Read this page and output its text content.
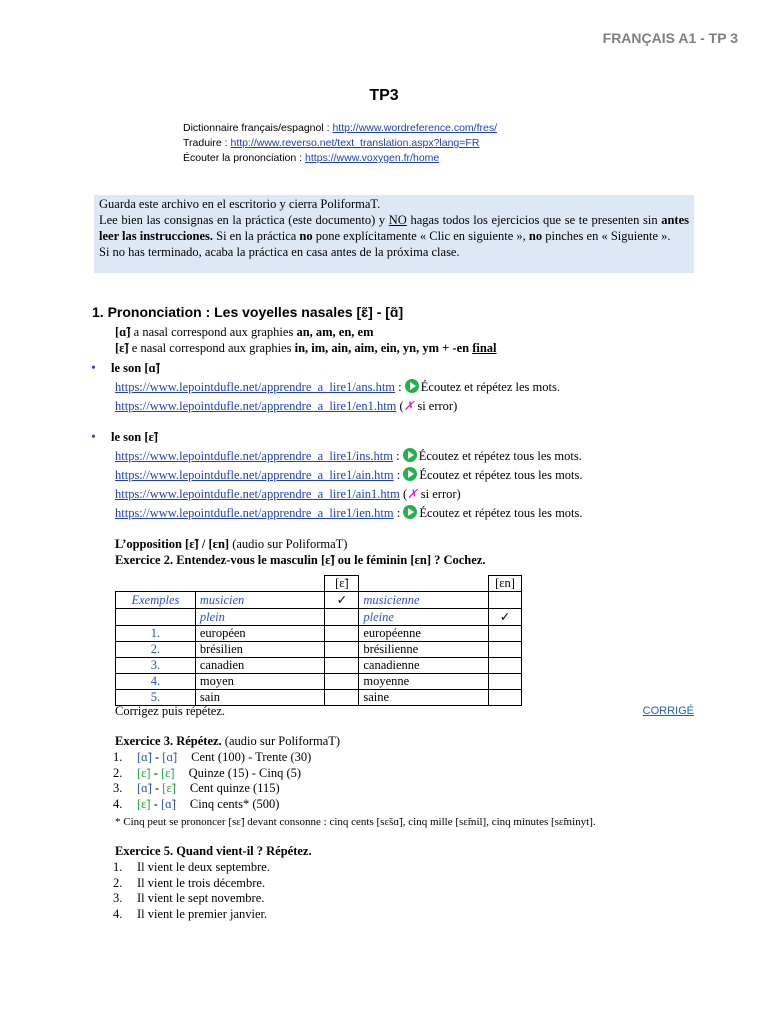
FRANÇAIS A1 - TP 3
TP3
Dictionnaire français/espagnol : http://www.wordreference.com/fres/
Traduire : http://www.reverso.net/text_translation.aspx?lang=FR
Écouter la prononciation : https://www.voxygen.fr/home
Guarda este archivo en el escritorio y cierra PoliformaT.
Lee bien las consignas en la práctica (este documento) y NO hagas todos los ejercicios que se te presenten sin antes leer las instrucciones. Si en la práctica no pone explícitamente « Clic en siguiente », no pinches en « Siguiente ».
Si no has terminado, acaba la práctica en casa antes de la próxima clase.
1. Prononciation : Les voyelles nasales [ɛ̃] - [ɑ̃]
[ɑ̃] a nasal correspond aux graphies an, am, en, em
[ɛ̃] e nasal correspond aux graphies in, im, ain, aim, ein, yn, ym + -en final
• le son [ɑ̃]
https://www.lepointdufle.net/apprendre_a_lire1/ans.htm : Écoutez et répétez les mots.
https://www.lepointdufle.net/apprendre_a_lire1/en1.htm (✗ si error)
• le son [ɛ̃]
https://www.lepointdufle.net/apprendre_a_lire1/ins.htm : Écoutez et répétez tous les mots.
https://www.lepointdufle.net/apprendre_a_lire1/ain.htm : Écoutez et répétez tous les mots.
https://www.lepointdufle.net/apprendre_a_lire1/ain1.htm (✗ si error)
https://www.lepointdufle.net/apprendre_a_lire1/ien.htm : Écoutez et répétez tous les mots.
L’opposition [ɛ̃] / [ɛn] (audio sur PoliformaT)
Exercice 2. Entendez-vous le masculin [ɛ̃] ou le féminin [ɛn] ? Cochez.
		[ɛ̃]		[ɛn]
Exemples	musicien	✓	musicienne	
	plein		pleine	✓
1.	européen		européenne	
2.	brésilien		brésilienne	
3.	canadien		canadienne	
4.	moyen		moyenne	
5.	sain		saine	
Corrigez puis répétez.	CORRIGÉ
Exercice 3. Répétez. (audio sur PoliformaT)
1. [ɑ̃] - [ɑ̃] Cent (100) - Trente (30)
2. [ɛ̃] - [ɛ̃] Quinze (15) - Cinq (5)
3. [ɑ̃] - [ɛ̃] Cent quinze (115)
4. [ɛ̃] - [ɑ̃] Cinq cents* (500)
* Cinq peut se prononcer [sɛ̃] devant consonne : cinq cents [sɛ̃sɑ̃], cinq mille [sɛ̃mil], cinq minutes [sɛ̃minyt].
Exercice 5. Quand vient-il ? Répétez.
1. Il vient le deux septembre.
2. Il vient le trois décembre.
3. Il vient le sept novembre.
4. Il vient le premier janvier.
